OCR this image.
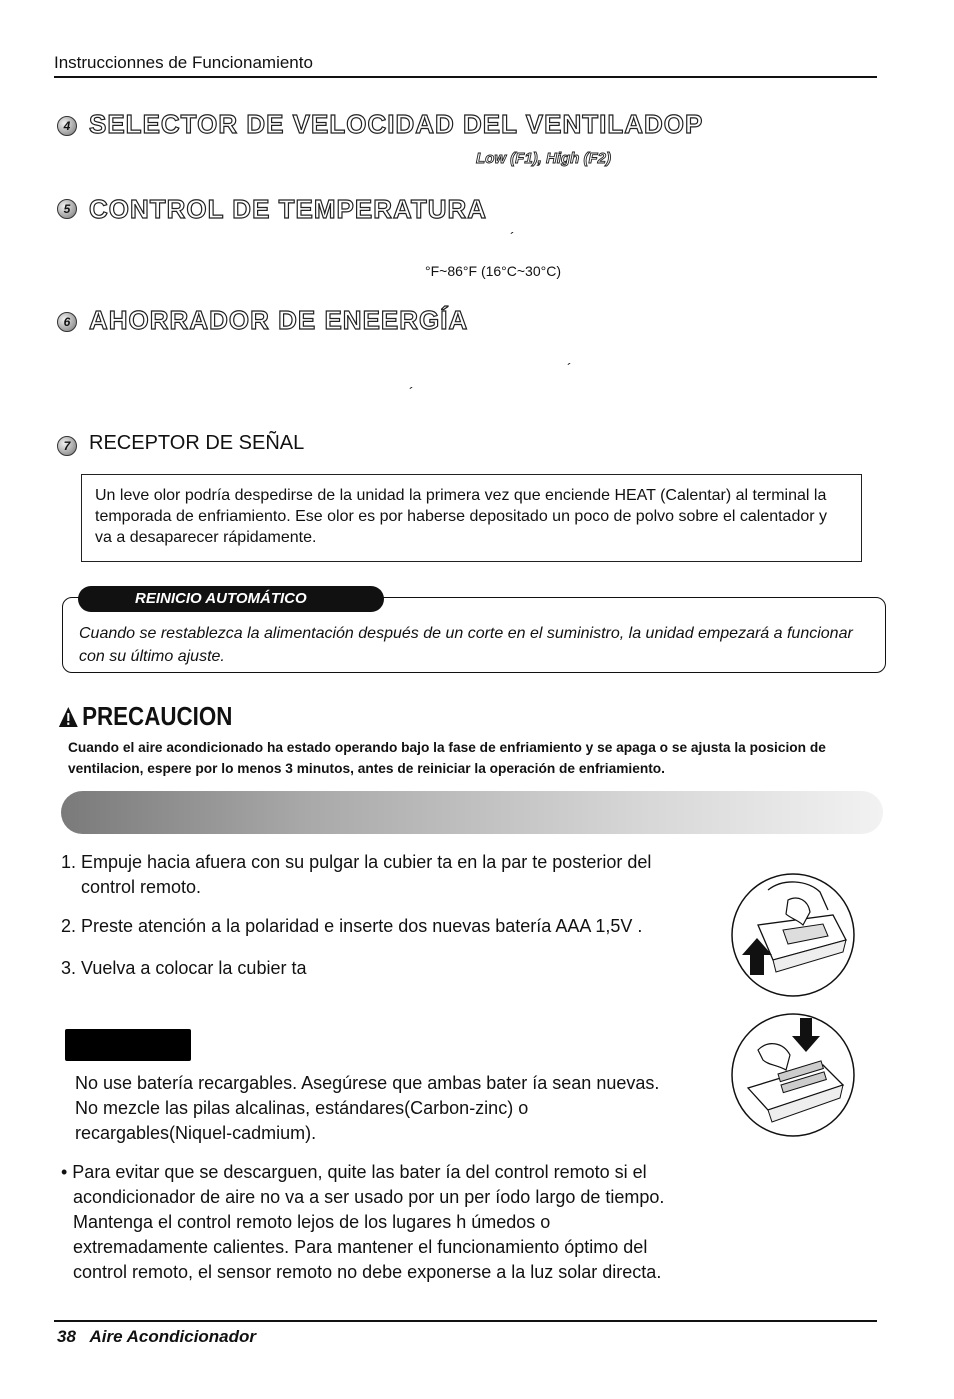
Instruccionnes de Funcionamiento
4 SELECTOR DE VELOCIDAD DEL VENTILADOP
Low (F1), High (F2)
5 CONTROL DE TEMPERATURA
´
°F~86°F (16°C~30°C)
6 AHORRADOR DE ENEERGÍA
´
´
7 RECEPTOR DE SEÑAL
Un leve olor podría despedirse de la unidad la primera vez que enciende HEAT (Calentar) al terminal la temporada de enfriamiento. Ese olor es por haberse depositado un poco de polvo sobre el calentador y va a desaparecer rápidamente.
Cuando se restablezca la alimentación después de un corte en el suministro, la unidad empezará a funcionar con su último ajuste.
REINICIO AUTOMÁTICO
PRECAUCION
Cuando el aire acondicionado ha estado operando bajo la fase de enfriamiento y se apaga o se ajusta la posicion de ventilacion, espere por lo menos 3 minutos, antes de reiniciar la operación de enfriamiento.
1. Empuje hacia afuera con su pulgar la cubier ta en la par te posterior del
control remoto.
2. Preste atención a la polaridad e inserte dos nuevas batería AAA 1,5V .
3. Vuelva a colocar la cubier ta
No use batería recargables. Asegúrese que ambas bater ía sean nuevas.
No mezcle las pilas alcalinas, estándares(Carbon-zinc) o
recargables(Niquel-cadmium).
• Para evitar que se descarguen, quite las bater ía del control remoto si el
acondicionador de aire no va a ser usado por un per íodo largo de tiempo.
Mantenga el control remoto lejos de los lugares h úmedos o
extremadamente calientes. Para mantener el funcionamiento óptimo del
control remoto, el sensor remoto no debe exponerse a la luz solar directa.
38 Aire Acondicionador
